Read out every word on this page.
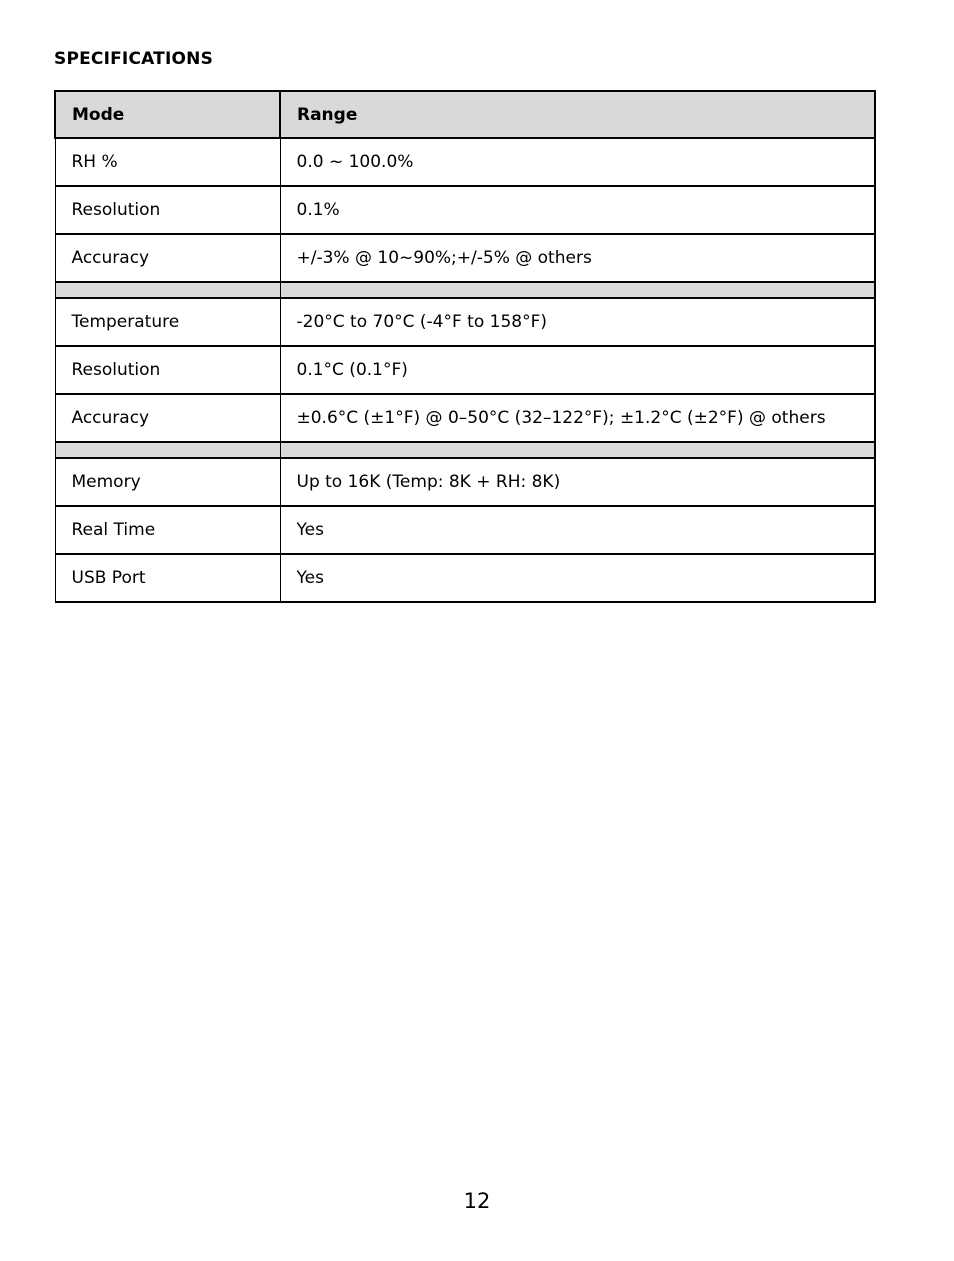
SPECIFICATIONS
Mode	Range
RH %	0.0 ~ 100.0%
Resolution	0.1%
Accuracy	+/-3% @ 10~90%;+/-5% @ others

Temperature	-20°C to 70°C (-4°F to 158°F)
Resolution	0.1°C (0.1°F)
Accuracy	±0.6°C (±1°F) @ 0–50°C (32–122°F); ±1.2°C (±2°F) @ others

Memory	Up to 16K (Temp: 8K + RH: 8K)
Real Time	Yes
USB Port	Yes
12
